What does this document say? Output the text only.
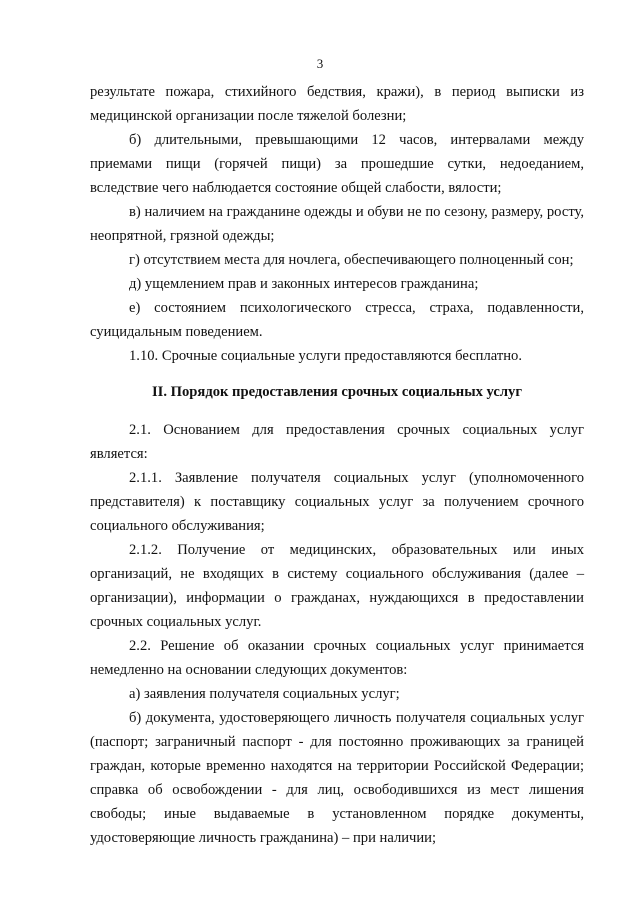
3

результате пожара, стихийного бедствия, кражи), в период выписки из медицинской организации после тяжелой болезни;

б) длительными, превышающими 12 часов, интервалами между приемами пищи (горячей пищи) за прошедшие сутки, недоеданием, вследствие чего наблюдается состояние общей слабости, вялости;

в) наличием на гражданине одежды и обуви не по сезону, размеру, росту, неопрятной, грязной одежды;

г) отсутствием места для ночлега, обеспечивающего полноценный сон;

д) ущемлением прав и законных интересов гражданина;

е) состоянием психологического стресса, страха, подавленности, суицидальным поведением.

1.10. Срочные социальные услуги предоставляются бесплатно.

II. Порядок предоставления срочных социальных услуг

2.1. Основанием для предоставления срочных социальных услуг является:

2.1.1. Заявление получателя социальных услуг (уполномоченного представителя) к поставщику социальных услуг за получением срочного социального обслуживания;

2.1.2. Получение от медицинских, образовательных или иных организаций, не входящих в систему социального обслуживания (далее – организации), информации о гражданах, нуждающихся в предоставлении срочных социальных услуг.

2.2. Решение об оказании срочных социальных услуг принимается немедленно на основании следующих документов:

а) заявления получателя социальных услуг;

б) документа, удостоверяющего личность получателя социальных услуг (паспорт; заграничный паспорт - для постоянно проживающих за границей граждан, которые временно находятся на территории Российской Федерации; справка об освобождении - для лиц, освободившихся из мест лишения свободы; иные выдаваемые в установленном порядке документы, удостоверяющие личность гражданина) – при наличии;
